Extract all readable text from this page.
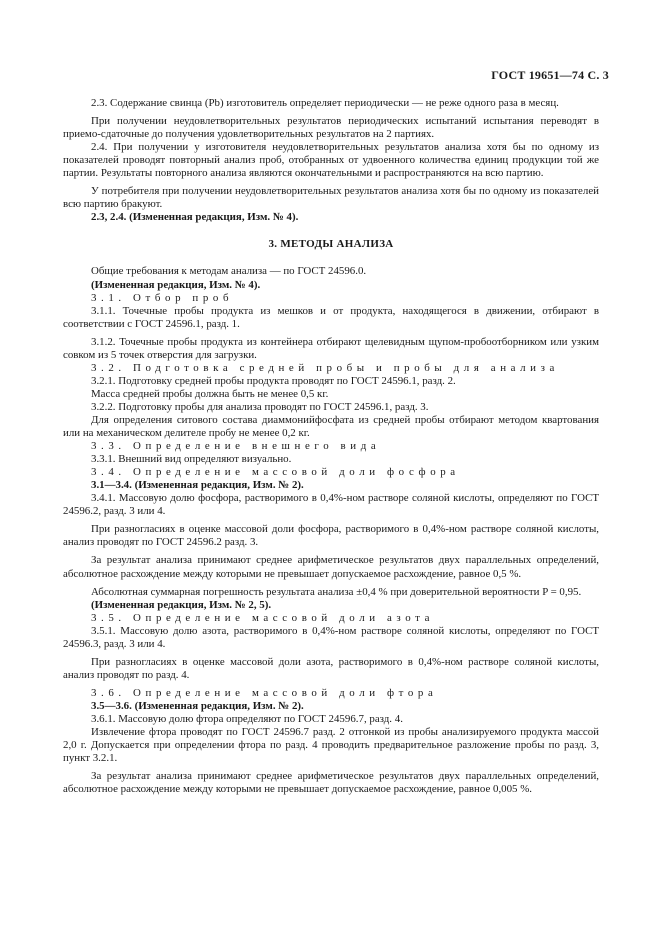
ГОСТ 19651—74 С. 3

2.3. Содержание свинца (Pb) изготовитель определяет периодически — не реже одного раза в месяц.

При получении неудовлетворительных результатов периодических испытаний испытания переводят в приемо-сдаточные до получения удовлетворительных результатов на 2 партиях.

2.4. При получении у изготовителя неудовлетворительных результатов анализа хотя бы по одному из показателей проводят повторный анализ проб, отобранных от удвоенного количества единиц продукции той же партии. Результаты повторного анализа являются окончательными и распространяются на всю партию.

У потребителя при получении неудовлетворительных результатов анализа хотя бы по одному из показателей всю партию бракуют.

2.3, 2.4. (Измененная редакция, Изм. № 4).

3. МЕТОДЫ АНАЛИЗА

Общие требования к методам анализа — по ГОСТ 24596.0.

(Измененная редакция, Изм. № 4).

3.1. Отбор проб

3.1.1. Точечные пробы продукта из мешков и от продукта, находящегося в движении, отбирают в соответствии с ГОСТ 24596.1, разд. 1.

3.1.2. Точечные пробы продукта из контейнера отбирают щелевидным щупом-пробоотборником или узким совком из 5 точек отверстия для загрузки.

3.2. Подготовка средней пробы и пробы для анализа

3.2.1. Подготовку средней пробы продукта проводят по ГОСТ 24596.1, разд. 2.

Масса средней пробы должна быть не менее 0,5 кг.

3.2.2. Подготовку пробы для анализа проводят по ГОСТ 24596.1, разд. 3.

Для определения ситового состава диаммонийфосфата из средней пробы отбирают методом квартования или на механическом делителе пробу не менее 0,2 кг.

3.3. Определение внешнего вида

3.3.1. Внешний вид определяют визуально.

3.4. Определение массовой доли фосфора

3.1—3.4. (Измененная редакция, Изм. № 2).

3.4.1. Массовую долю фосфора, растворимого в 0,4%-ном растворе соляной кислоты, определяют по ГОСТ 24596.2, разд. 3 или 4.

При разногласиях в оценке массовой доли фосфора, растворимого в 0,4%-ном растворе соляной кислоты, анализ проводят по ГОСТ 24596.2 разд. 3.

За результат анализа принимают среднее арифметическое результатов двух параллельных определений, абсолютное расхождение между которыми не превышает допускаемое расхождение, равное 0,5 %.

Абсолютная суммарная погрешность результата анализа ±0,4 % при доверительной вероятности P = 0,95.

(Измененная редакция, Изм. № 2, 5).

3.5. Определение массовой доли азота

3.5.1. Массовую долю азота, растворимого в 0,4%-ном растворе соляной кислоты, определяют по ГОСТ 24596.3, разд. 3 или 4.

При разногласиях в оценке массовой доли азота, растворимого в 0,4%-ном растворе соляной кислоты, анализ проводят по разд. 4.

3.6. Определение массовой доли фтора

3.5—3.6. (Измененная редакция, Изм. № 2).

3.6.1. Массовую долю фтора определяют по ГОСТ 24596.7, разд. 4.

Извлечение фтора проводят по ГОСТ 24596.7 разд. 2 отгонкой из пробы анализируемого продукта массой 2,0 г. Допускается при определении фтора по разд. 4 проводить предварительное разложение пробы по разд. 3, пункт 3.2.1.

За результат анализа принимают среднее арифметическое результатов двух параллельных определений, абсолютное расхождение между которыми не превышает допускаемое расхождение, равное 0,005 %.
